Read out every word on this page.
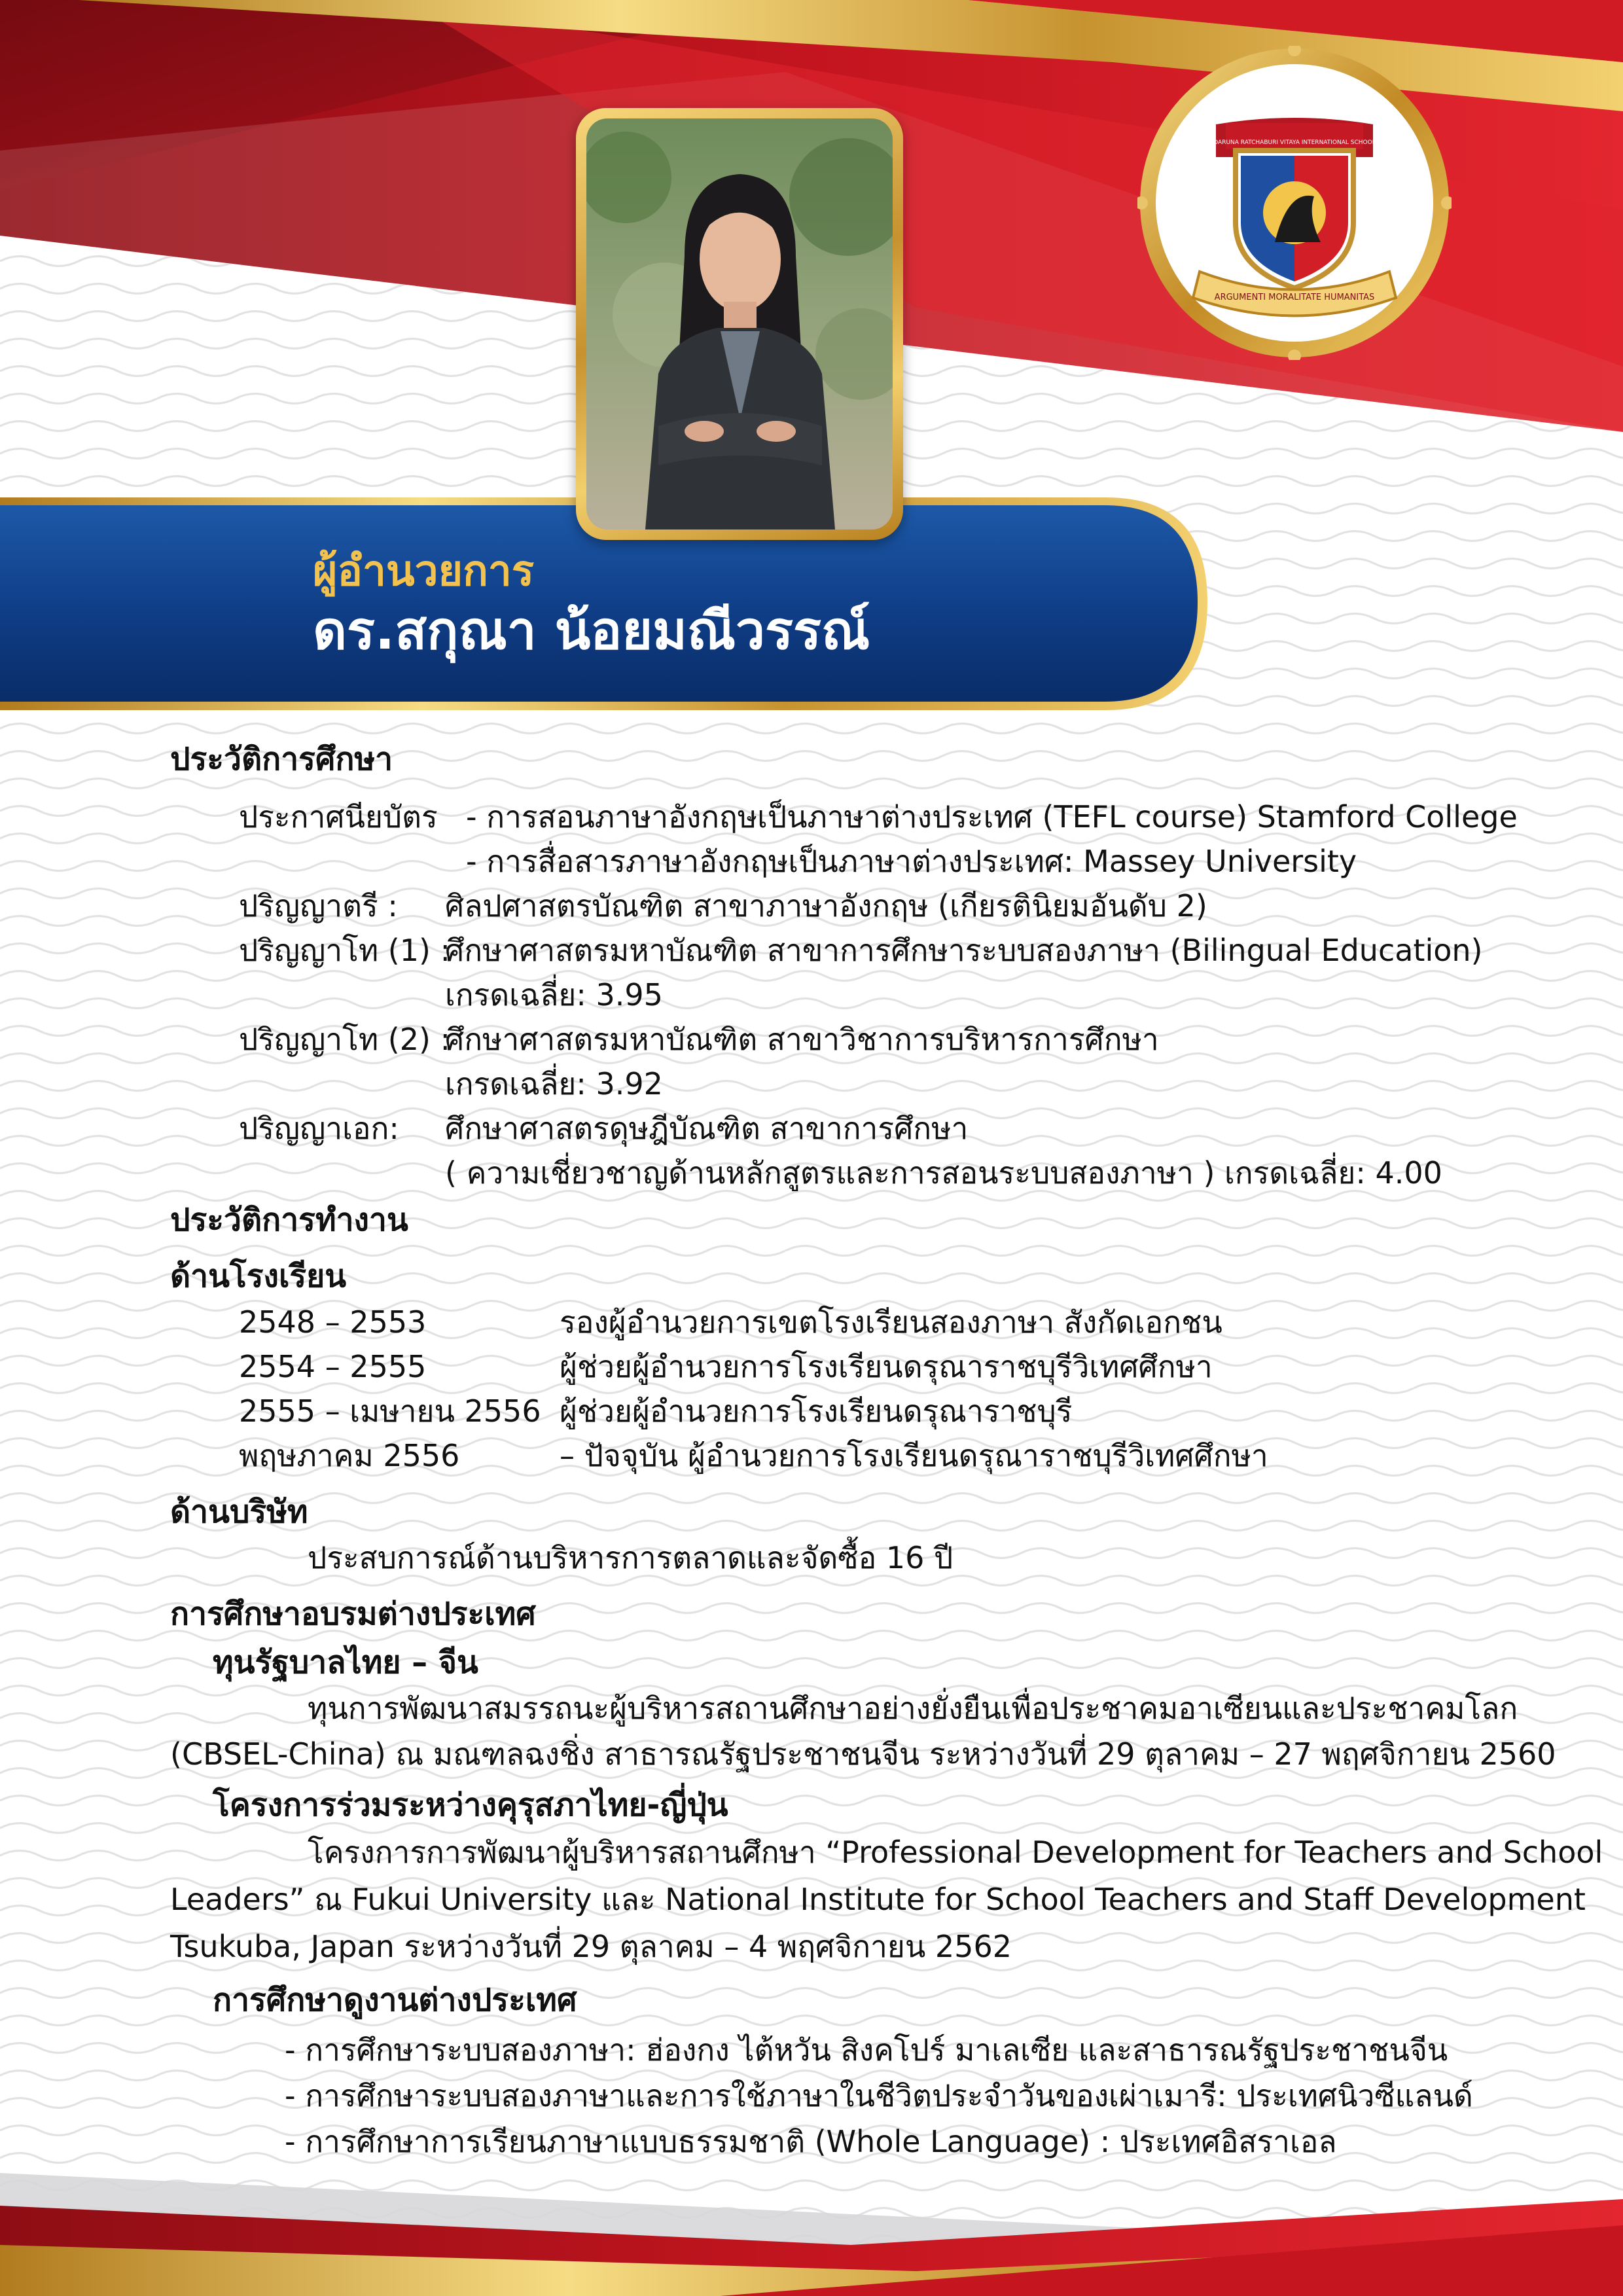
ARGUMENTI MORALITATE HUMANITAS
DARUNA RATCHABURI VITAYA INTERNATIONAL SCHOOL
ผู้อำนวยการ
ดร.สกุณา น้อยมณีวรรณ์
ประวัติการศึกษา
ประกาศนียบัตร - การสอนภาษาอังกฤษเป็นภาษาต่างประเทศ (TEFL course) Stamford College
- การสื่อสารภาษาอังกฤษเป็นภาษาต่างประเทศ: Massey University
ปริญญาตรี : ศิลปศาสตรบัณฑิต สาขาภาษาอังกฤษ (เกียรตินิยมอันดับ 2)
ปริญญาโท (1) :
ศึกษาศาสตรมหาบัณฑิต สาขาการศึกษาระบบสองภาษา (Bilingual Education)
เกรดเฉลี่ย: 3.95
ปริญญาโท (2) :
ศึกษาศาสตรมหาบัณฑิต สาขาวิชาการบริหารการศึกษา
เกรดเฉลี่ย: 3.92
ปริญญาเอก: ศึกษาศาสตรดุษฎีบัณฑิต สาขาการศึกษา
( ความเชี่ยวชาญด้านหลักสูตรและการสอนระบบสองภาษา ) เกรดเฉลี่ย: 4.00
ประวัติการทำงาน
ด้านโรงเรียน
2548 – 2553	รองผู้อำนวยการเขตโรงเรียนสองภาษา สังกัดเอกชน
2554 – 2555	ผู้ช่วยผู้อำนวยการโรงเรียนดรุณาราชบุรีวิเทศศึกษา
2555 – เมษายน 2556 ผู้ช่วยผู้อำนวยการโรงเรียนดรุณาราชบุรี
พฤษภาคม 2556	– ปัจจุบัน ผู้อำนวยการโรงเรียนดรุณาราชบุรีวิเทศศึกษา
ด้านบริษัท
ประสบการณ์ด้านบริหารการตลาดและจัดซื้อ 16 ปี
การศึกษาอบรมต่างประเทศ
ทุนรัฐบาลไทย – จีน
ทุนการพัฒนาสมรรถนะผู้บริหารสถานศึกษาอย่างยั่งยืนเพื่อประชาคมอาเซียนและประชาคมโลก
(CBSEL-China) ณ มณฑลฉงชิ่ง สาธารณรัฐประชาชนจีน ระหว่างวันที่ 29 ตุลาคม – 27 พฤศจิกายน 2560
โครงการร่วมระหว่างคุรุสภาไทย-ญี่ปุ่น
โครงการการพัฒนาผู้บริหารสถานศึกษา “Professional Development for Teachers and School
Leaders” ณ Fukui University และ National Institute for School Teachers and Staff Development
Tsukuba, Japan ระหว่างวันที่ 29 ตุลาคม – 4 พฤศจิกายน 2562
การศึกษาดูงานต่างประเทศ
- การศึกษาระบบสองภาษา: ฮ่องกง ไต้หวัน สิงคโปร์ มาเลเซีย และสาธารณรัฐประชาชนจีน
- การศึกษาระบบสองภาษาและการใช้ภาษาในชีวิตประจำวันของเผ่าเมารี: ประเทศนิวซีแลนด์
- การศึกษาการเรียนภาษาแบบธรรมชาติ (Whole Language) : ประเทศอิสราเอล
